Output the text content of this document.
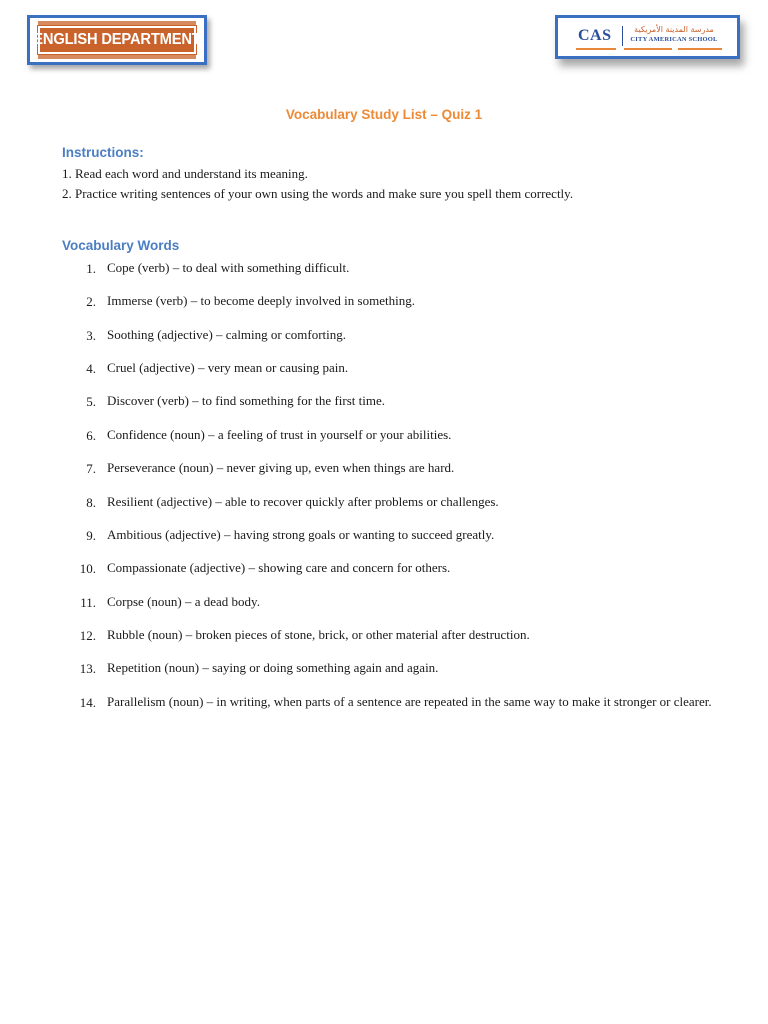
ENGLISH DEPARTMENT	CAS	مدرسة المدينة الأمريكية
CITY AMERICAN SCHOOL
Vocabulary Study List – Quiz 1
Instructions:
1. Read each word and understand its meaning.
2. Practice writing sentences of your own using the words and make sure you spell them correctly.
Vocabulary Words
1. Cope (verb) – to deal with something difficult.
2. Immerse (verb) – to become deeply involved in something.
3. Soothing (adjective) – calming or comforting.
4. Cruel (adjective) – very mean or causing pain.
5. Discover (verb) – to find something for the first time.
6. Confidence (noun) – a feeling of trust in yourself or your abilities.
7. Perseverance (noun) – never giving up, even when things are hard.
8. Resilient (adjective) – able to recover quickly after problems or challenges.
9. Ambitious (adjective) – having strong goals or wanting to succeed greatly.
10. Compassionate (adjective) – showing care and concern for others.
11. Corpse (noun) – a dead body.
12. Rubble (noun) – broken pieces of stone, brick, or other material after destruction.
13. Repetition (noun) – saying or doing something again and again.
14. Parallelism (noun) – in writing, when parts of a sentence are repeated in the same way to make it stronger or clearer.
